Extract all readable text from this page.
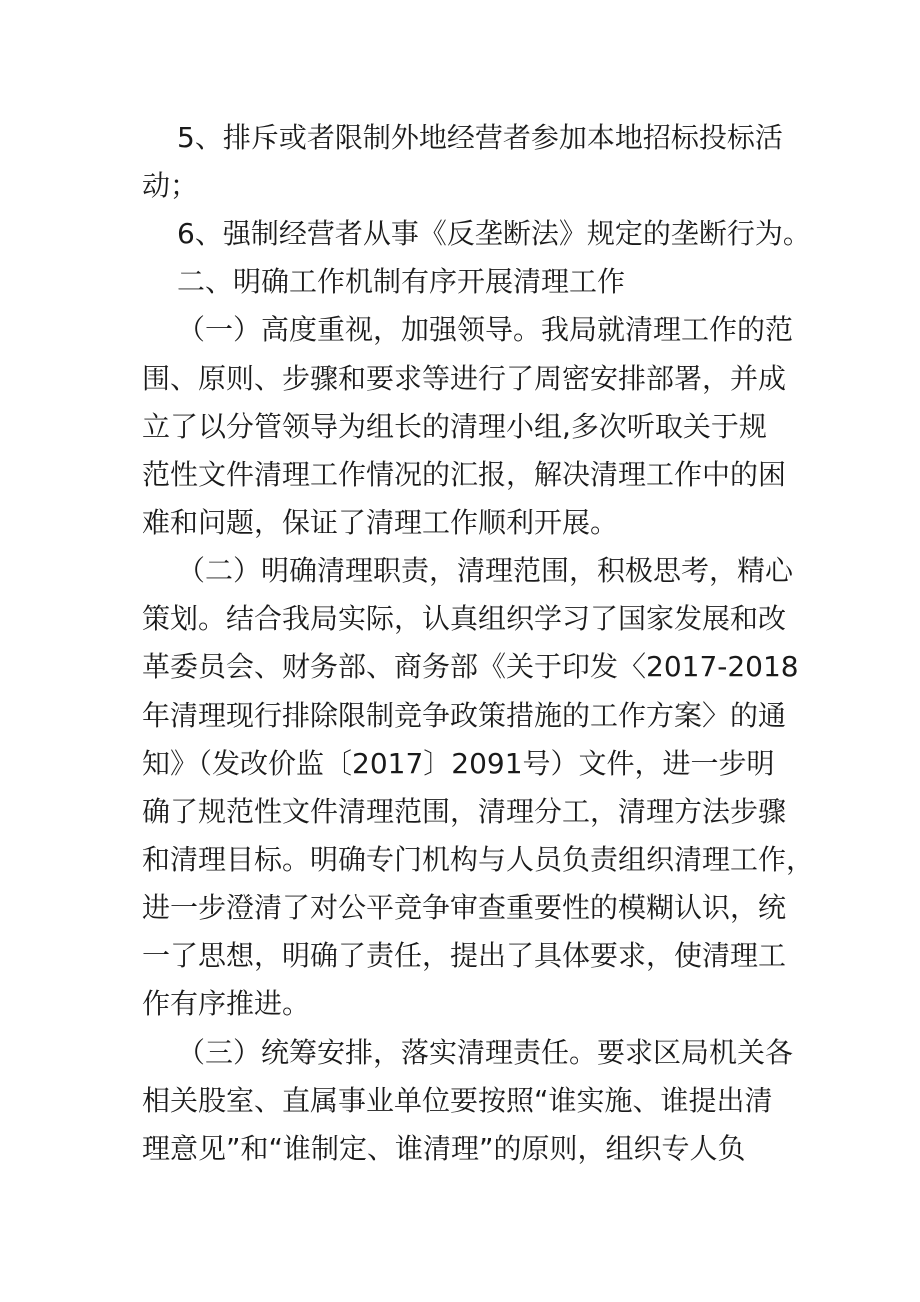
5、排斥或者限制外地经营者参加本地招标投标活
动；
6、强制经营者从事《反垄断法》规定的垄断行为。
二、明确工作机制有序开展清理工作
（一）高度重视，加强领导。我局就清理工作的范
围、原则、步骤和要求等进行了周密安排部署，并成
立了以分管领导为组长的清理小组,多次听取关于规
范性文件清理工作情况的汇报，解决清理工作中的困
难和问题，保证了清理工作顺利开展。
（二）明确清理职责，清理范围，积极思考，精心
策划。结合我局实际，认真组织学习了国家发展和改
革委员会、财务部、商务部《关于印发〈2017-2018
年清理现行排除限制竞争政策措施的工作方案〉的通
知》（发改价监〔2017〕2091号）文件，进一步明
确了规范性文件清理范围，清理分工，清理方法步骤
和清理目标。明确专门机构与人员负责组织清理工作，
进一步澄清了对公平竞争审查重要性的模糊认识，统
一了思想，明确了责任，提出了具体要求，使清理工
作有序推进。
（三）统筹安排，落实清理责任。要求区局机关各
相关股室、直属事业单位要按照“谁实施、谁提出清
理意见”和“谁制定、谁清理”的原则，组织专人负
